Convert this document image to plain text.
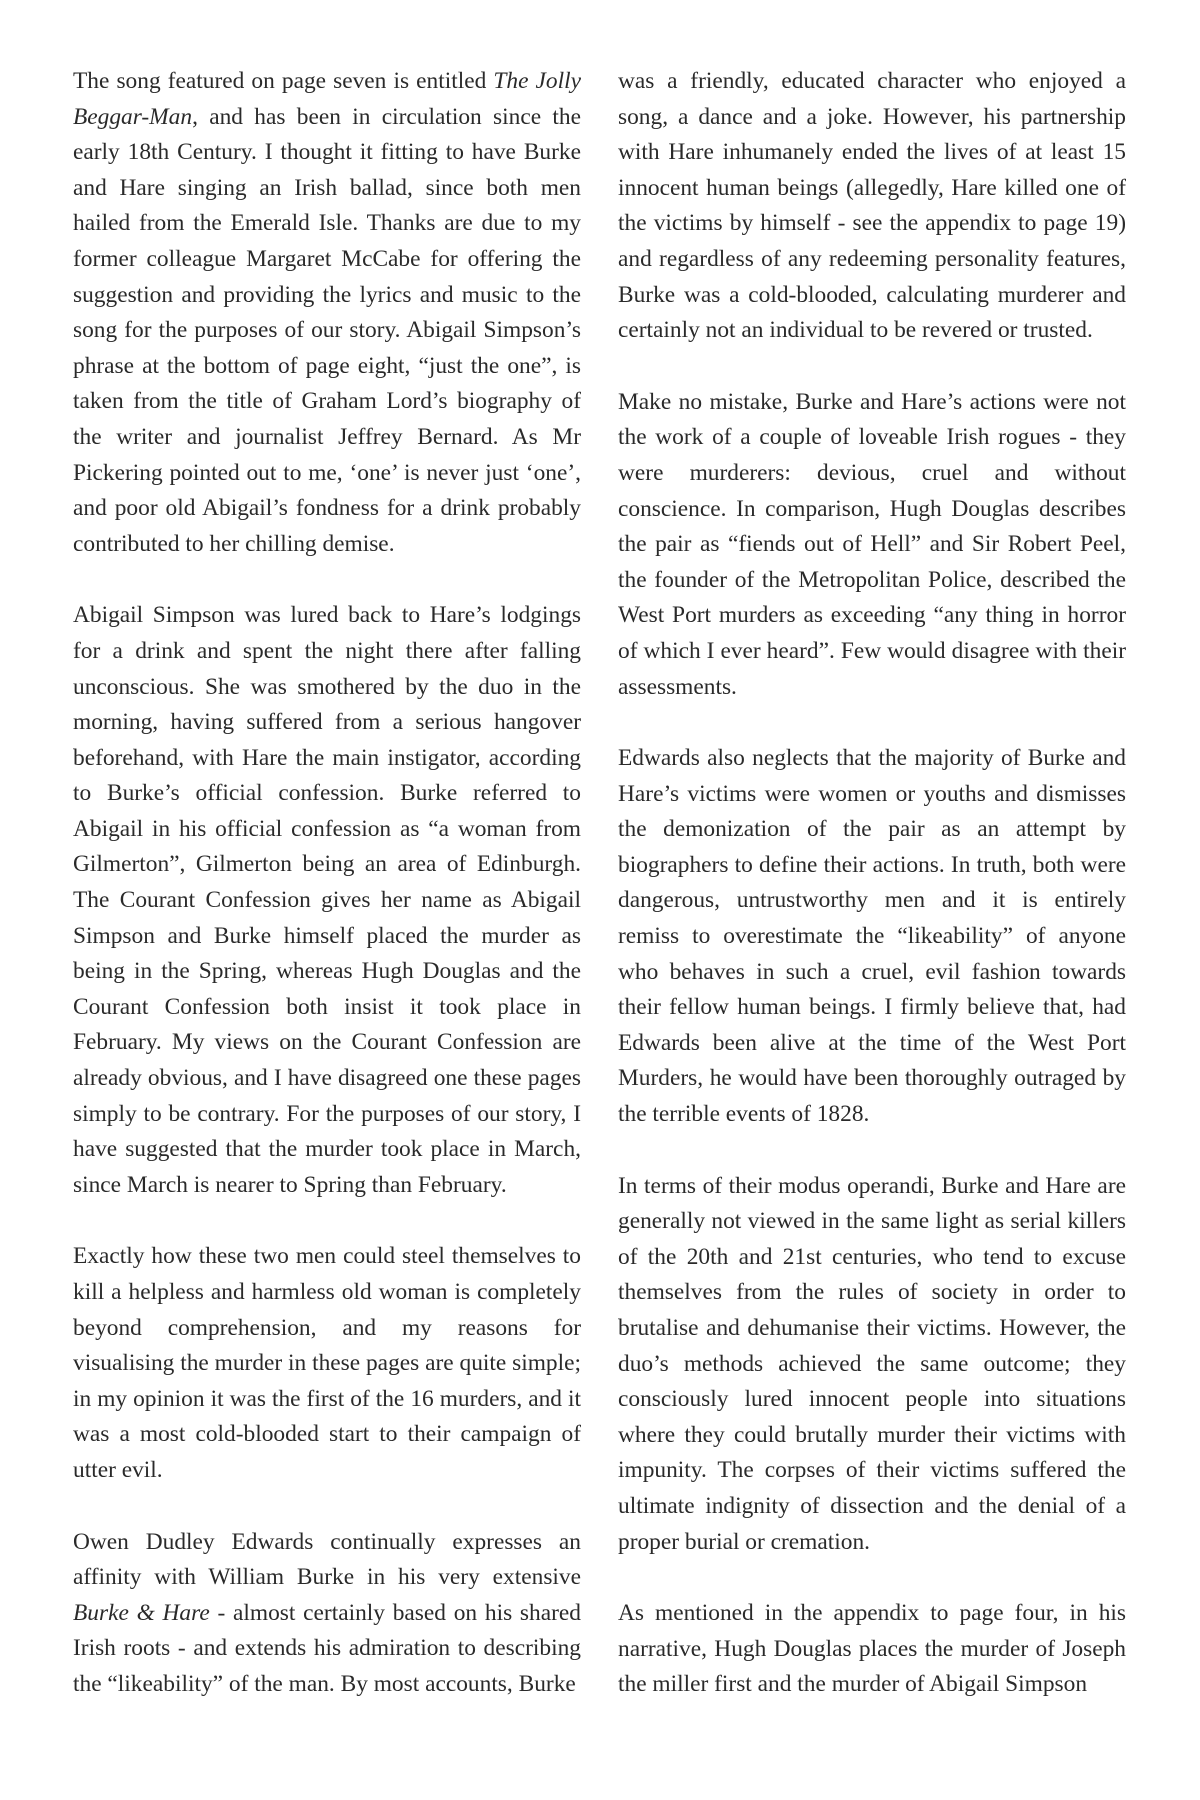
The song featured on page seven is entitled The Jolly Beggar-Man, and has been in circulation since the early 18th Century. I thought it fitting to have Burke and Hare singing an Irish ballad, since both men hailed from the Emerald Isle. Thanks are due to my former colleague Margaret McCabe for offering the suggestion and providing the lyrics and music to the song for the purposes of our story. Abigail Simpson’s phrase at the bottom of page eight, “just the one”, is taken from the title of Graham Lord’s biography of the writer and journalist Jeffrey Bernard. As Mr Pickering pointed out to me, ‘one’ is never just ‘one’, and poor old Abigail’s fondness for a drink probably contributed to her chilling demise.

Abigail Simpson was lured back to Hare’s lodgings for a drink and spent the night there after falling unconscious. She was smothered by the duo in the morning, having suffered from a serious hangover beforehand, with Hare the main instigator, according to Burke’s official confession. Burke referred to Abigail in his official confession as “a woman from Gilmerton”, Gilmerton being an area of Edinburgh. The Courant Confession gives her name as Abigail Simpson and Burke himself placed the murder as being in the Spring, whereas Hugh Douglas and the Courant Confession both insist it took place in February. My views on the Courant Confession are already obvious, and I have disagreed one these pages simply to be contrary. For the purposes of our story, I have suggested that the murder took place in March, since March is nearer to Spring than February.

Exactly how these two men could steel themselves to kill a helpless and harmless old woman is completely beyond comprehension, and my reasons for visualising the murder in these pages are quite simple; in my opinion it was the first of the 16 murders, and it was a most cold-blooded start to their campaign of utter evil.

Owen Dudley Edwards continually expresses an affinity with William Burke in his very extensive Burke & Hare - almost certainly based on his shared Irish roots - and extends his admiration to describing the “likeability” of the man. By most accounts, Burke

was a friendly, educated character who enjoyed a song, a dance and a joke. However, his partnership with Hare inhumanely ended the lives of at least 15 innocent human beings (allegedly, Hare killed one of the victims by himself - see the appendix to page 19) and regardless of any redeeming personality features, Burke was a cold-blooded, calculating murderer and certainly not an individual to be revered or trusted.

Make no mistake, Burke and Hare’s actions were not the work of a couple of loveable Irish rogues - they were murderers: devious, cruel and without conscience. In comparison, Hugh Douglas describes the pair as “fiends out of Hell” and Sir Robert Peel, the founder of the Metropolitan Police, described the West Port murders as exceeding “any thing in horror of which I ever heard”. Few would disagree with their assessments.

Edwards also neglects that the majority of Burke and Hare’s victims were women or youths and dismisses the demonization of the pair as an attempt by biographers to define their actions. In truth, both were dangerous, untrustworthy men and it is entirely remiss to overestimate the “likeability” of anyone who behaves in such a cruel, evil fashion towards their fellow human beings. I firmly believe that, had Edwards been alive at the time of the West Port Murders, he would have been thoroughly outraged by the terrible events of 1828.

In terms of their modus operandi, Burke and Hare are generally not viewed in the same light as serial killers of the 20th and 21st centuries, who tend to excuse themselves from the rules of society in order to brutalise and dehumanise their victims. However, the duo’s methods achieved the same outcome; they consciously lured innocent people into situations where they could brutally murder their victims with impunity. The corpses of their victims suffered the ultimate indignity of dissection and the denial of a proper burial or cremation.

As mentioned in the appendix to page four, in his narrative, Hugh Douglas places the murder of Joseph the miller first and the murder of Abigail Simpson
